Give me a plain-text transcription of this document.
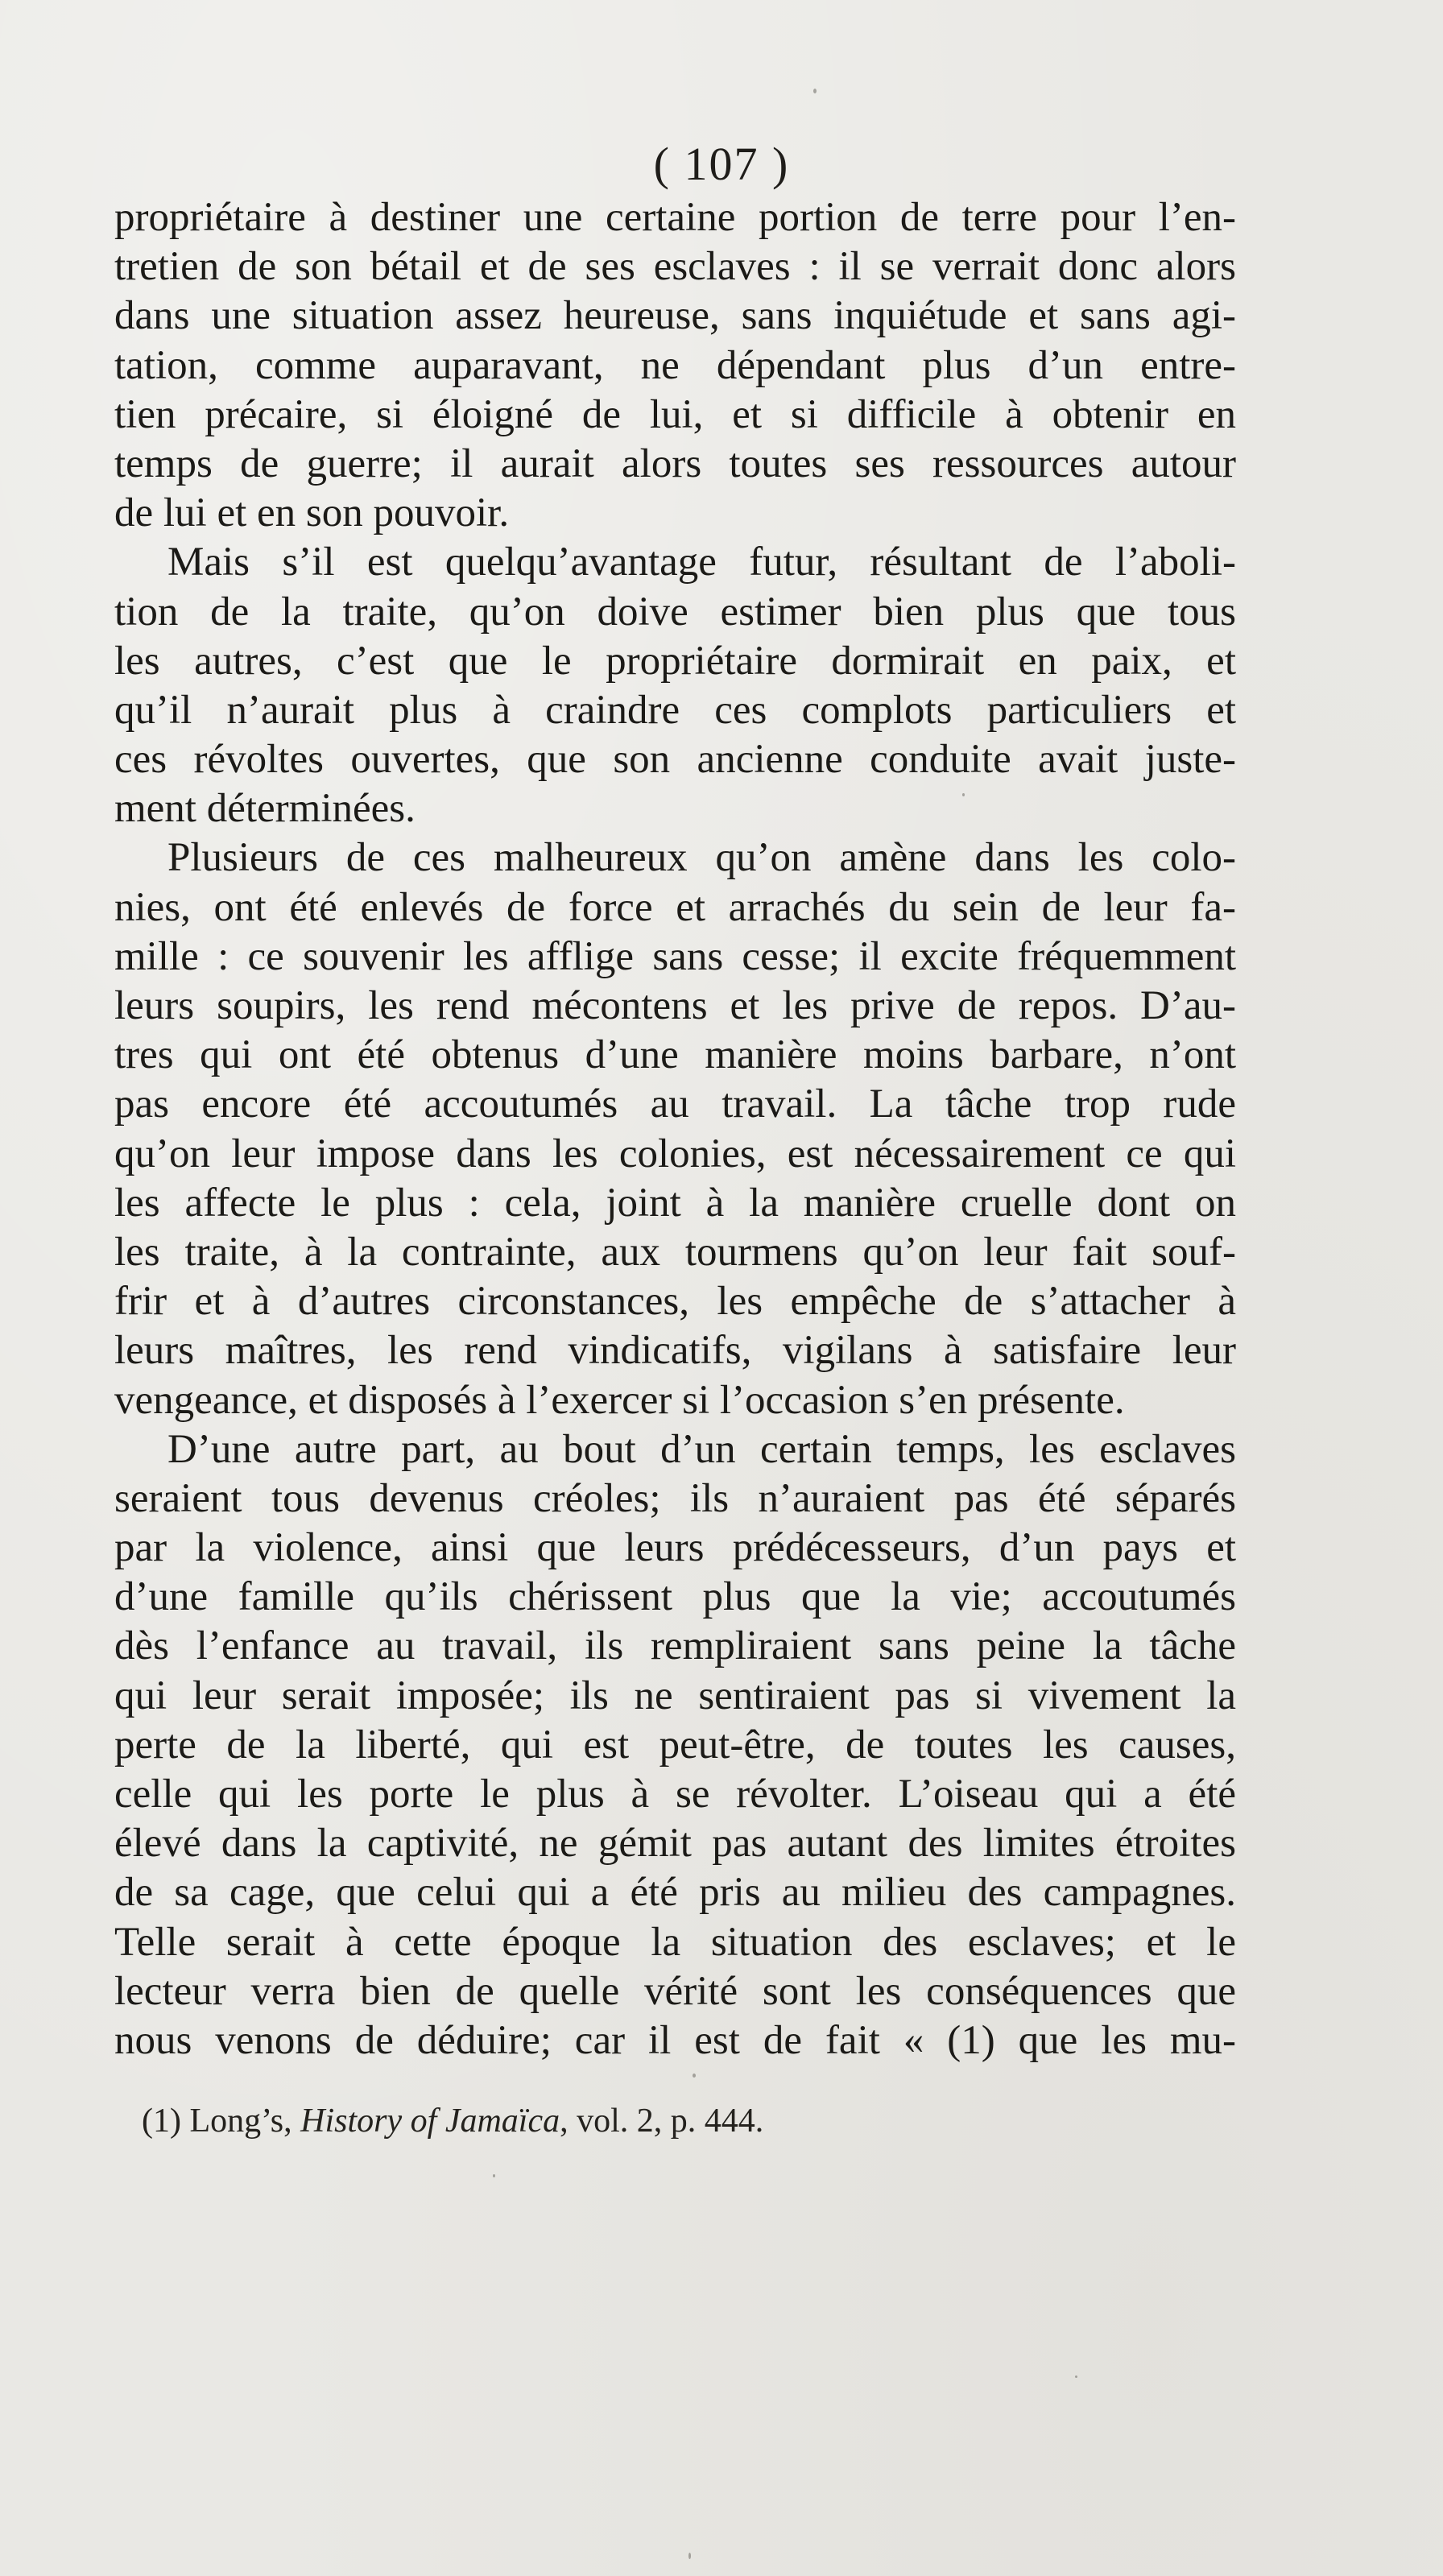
( 107 )
propriétaire à destiner une certaine portion de terre pour l’en-
tretien de son bétail et de ses esclaves : il se verrait donc alors
dans une situation assez heureuse, sans inquiétude et sans agi-
tation, comme auparavant, ne dépendant plus d’un entre-
tien précaire, si éloigné de lui, et si difficile à obtenir en
temps de guerre; il aurait alors toutes ses ressources autour
de lui et en son pouvoir.
Mais s’il est quelqu’avantage futur, résultant de l’aboli-
tion de la traite, qu’on doive estimer bien plus que tous
les autres, c’est que le propriétaire dormirait en paix, et
qu’il n’aurait plus à craindre ces complots particuliers et
ces révoltes ouvertes, que son ancienne conduite avait juste-
ment déterminées.
Plusieurs de ces malheureux qu’on amène dans les colo-
nies, ont été enlevés de force et arrachés du sein de leur fa-
mille : ce souvenir les afflige sans cesse; il excite fréquemment
leurs soupirs, les rend mécontens et les prive de repos. D’au-
tres qui ont été obtenus d’une manière moins barbare, n’ont
pas encore été accoutumés au travail. La tâche trop rude
qu’on leur impose dans les colonies, est nécessairement ce qui
les affecte le plus : cela, joint à la manière cruelle dont on
les traite, à la contrainte, aux tourmens qu’on leur fait souf-
frir et à d’autres circonstances, les empêche de s’attacher à
leurs maîtres, les rend vindicatifs, vigilans à satisfaire leur
vengeance, et disposés à l’exercer si l’occasion s’en présente.
D’une autre part, au bout d’un certain temps, les esclaves
seraient tous devenus créoles; ils n’auraient pas été séparés
par la violence, ainsi que leurs prédécesseurs, d’un pays et
d’une famille qu’ils chérissent plus que la vie; accoutumés
dès l’enfance au travail, ils rempliraient sans peine la tâche
qui leur serait imposée; ils ne sentiraient pas si vivement la
perte de la liberté, qui est peut-être, de toutes les causes,
celle qui les porte le plus à se révolter. L’oiseau qui a été
élevé dans la captivité, ne gémit pas autant des limites étroites
de sa cage, que celui qui a été pris au milieu des campagnes.
Telle serait à cette époque la situation des esclaves; et le
lecteur verra bien de quelle vérité sont les conséquences que
nous venons de déduire; car il est de fait « (1) que les mu-
(1) Long’s, History of Jamaïca, vol. 2, p. 444.
